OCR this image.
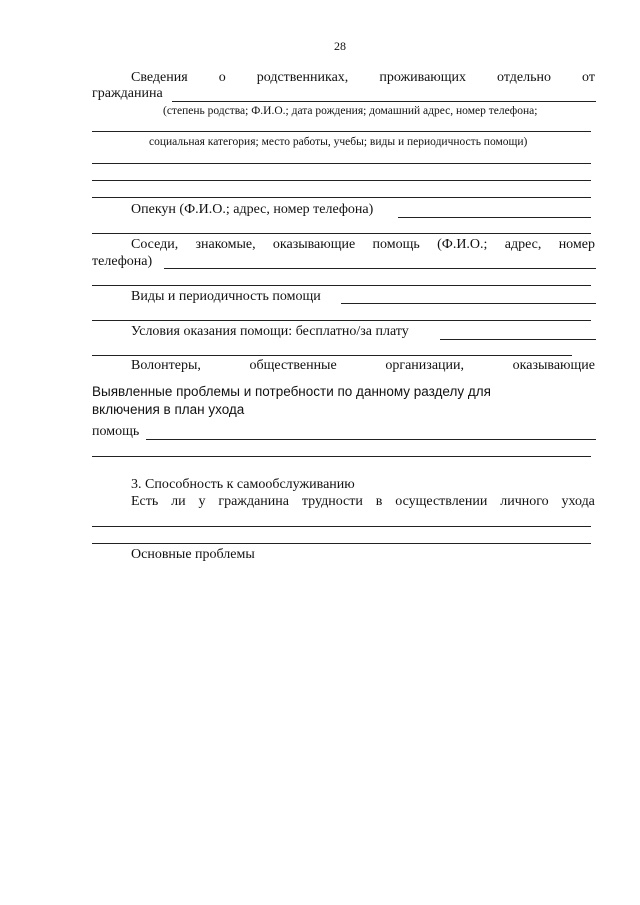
28
Сведения о родственниках, проживающих отдельно от
гражданина
(степень родства; Ф.И.О.; дата рождения; домашний адрес, номер телефона;
социальная категория; место работы, учебы; виды и периодичность помощи)
Опекун (Ф.И.О.; адрес, номер телефона)
Соседи, знакомые, оказывающие помощь (Ф.И.О.; адрес, номер
телефона)
Виды и периодичность помощи
Условия оказания помощи: бесплатно/за плату
Волонтеры,	общественные	организации,	оказывающие
Выявленные проблемы и потребности по данному разделу для
включения в план ухода
помощь
3. Способность к самообслуживанию
Есть ли у гражданина трудности в осуществлении личного ухода
Основные проблемы
